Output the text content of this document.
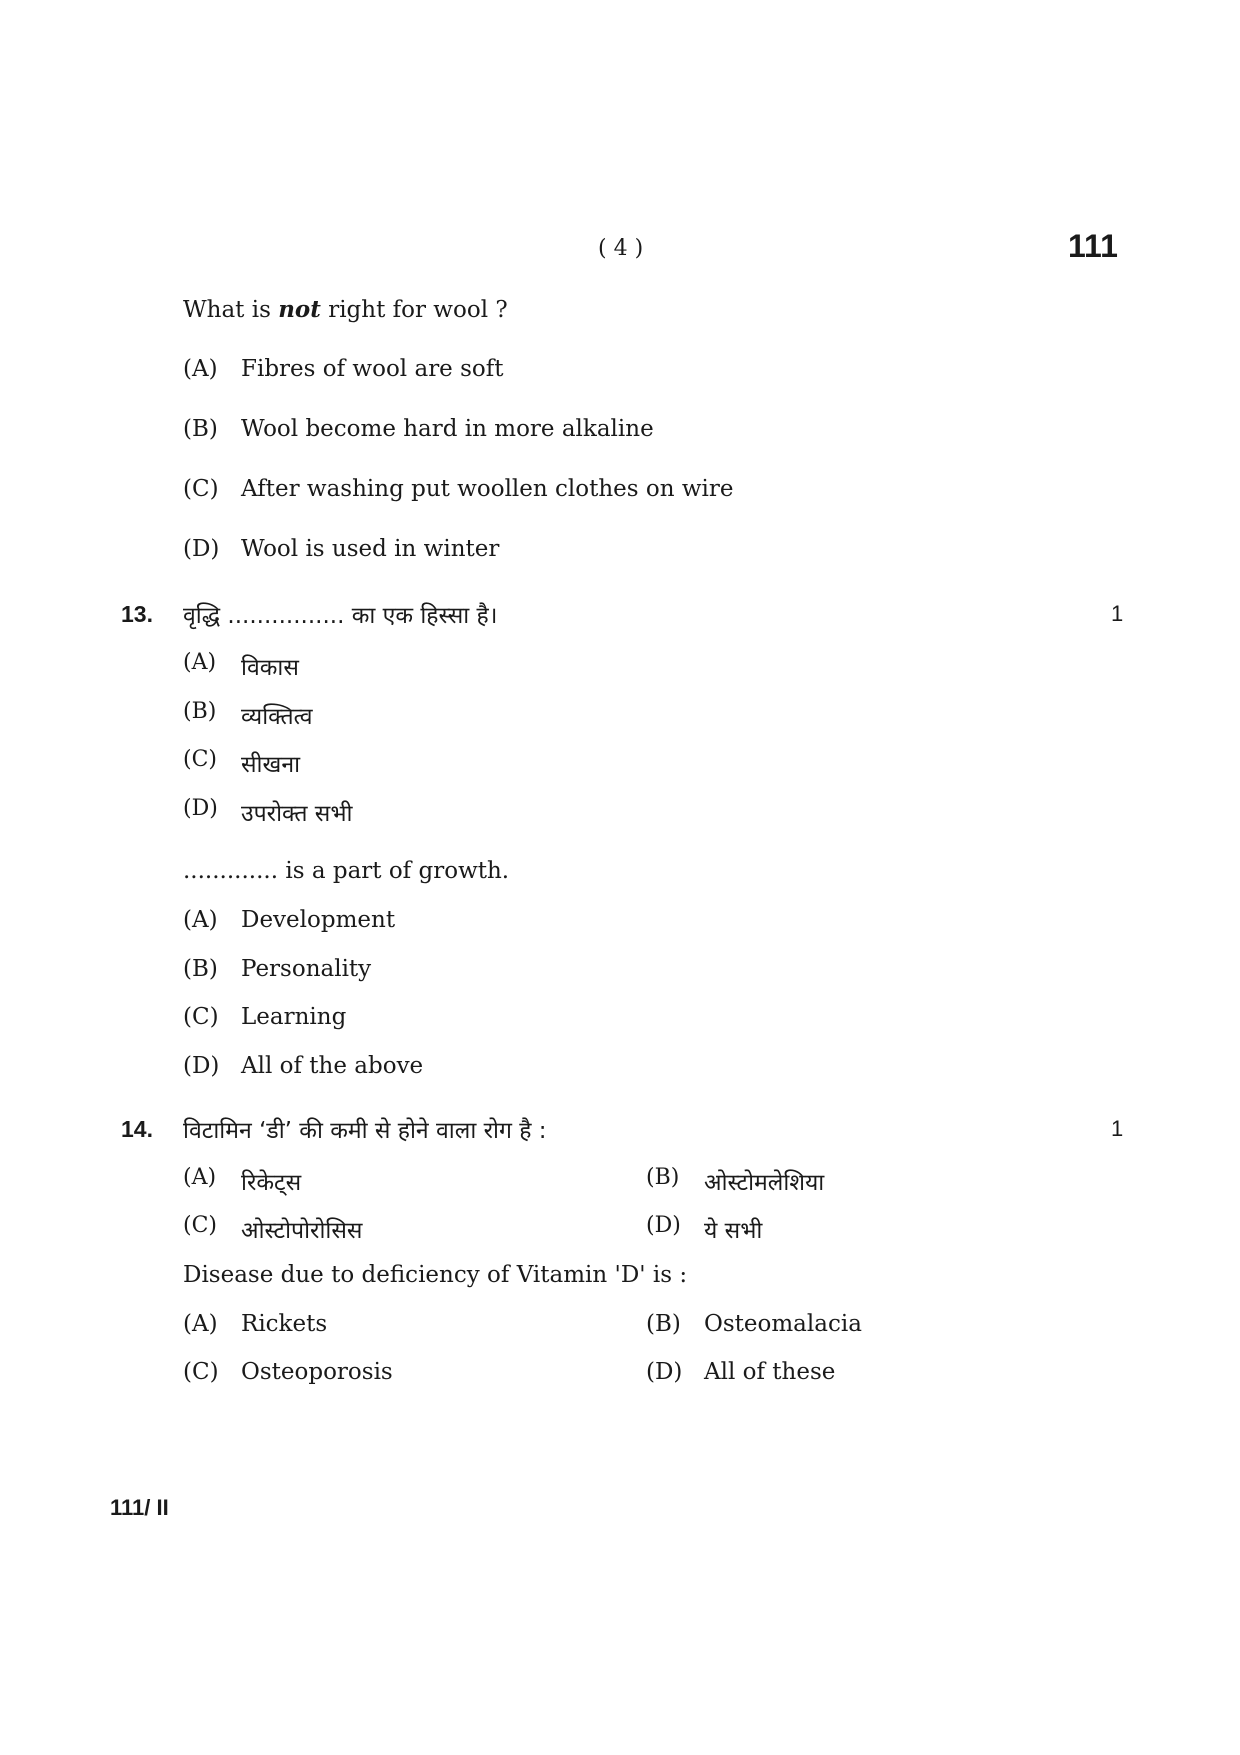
( 4 )	111
What is not right for wool ?
(A) Fibres of wool are soft
(B) Wool become hard in more alkaline
(C) After washing put woollen clothes on wire
(D) Wool is used in winter
13. वृद्धि ................ का एक हिस्सा है।	1
(A) विकास
(B) व्यक्तित्व
(C) सीखना
(D) उपरोक्त सभी
............. is a part of growth.
(A) Development
(B) Personality
(C) Learning
(D) All of the above
14. विटामिन ‘डी’ की कमी से होने वाला रोग है :	1
(A) रिकेट्स	(B) ओस्टोमलेशिया
(C) ओस्टोपोरोसिस	(D) ये सभी
Disease due to deficiency of Vitamin 'D' is :
(A) Rickets	(B) Osteomalacia
(C) Osteoporosis	(D) All of these
111/ II
